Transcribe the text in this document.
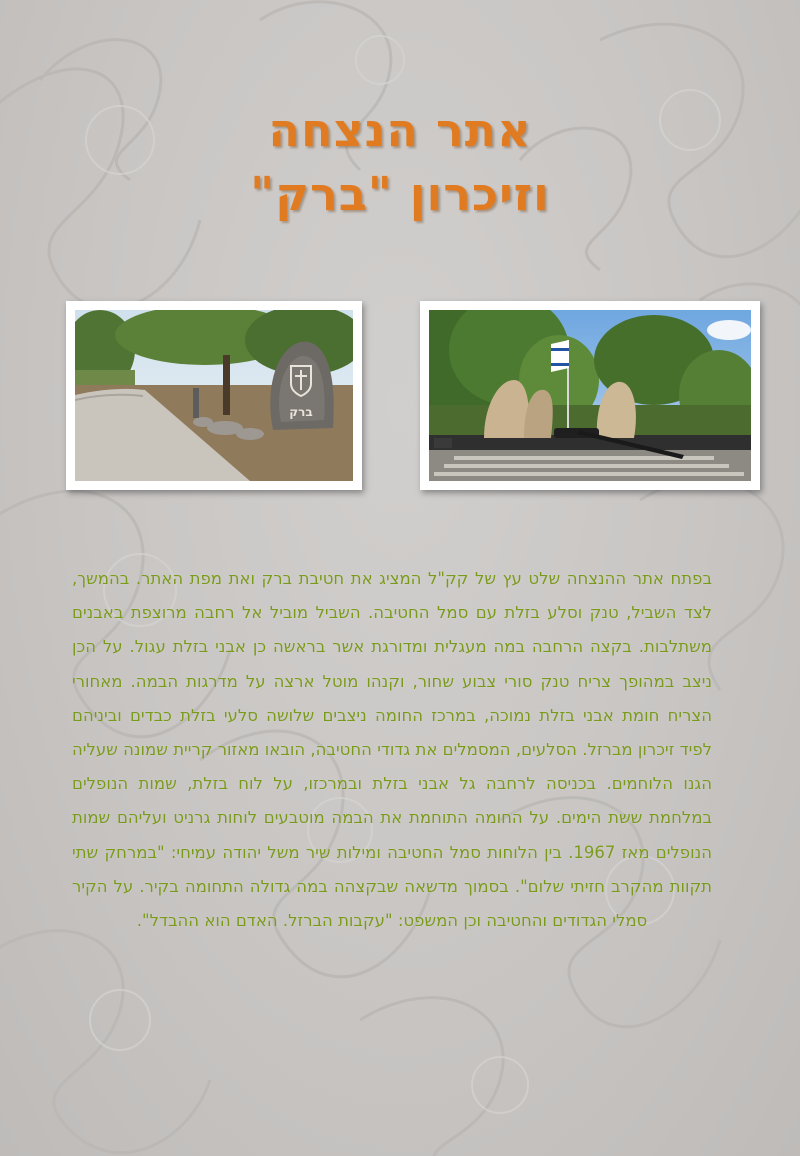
אתר הנצחה
וזיכרון "ברק"
ברק

בפתח אתר ההנצחה שלט עץ של קק"ל המציג את חטיבת ברק ואת מפת האתר. בהמשך, לצד השביל, טנק וסלע בזלת עם סמל החטיבה. השביל מוביל אל רחבה מרוצפת באבנים משתלבות. בקצה הרחבה במה מעגלית ומדורגת אשר בראשה כן אבני בזלת עגול. על הכן ניצב במהופך צריח טנק סורי צבוע שחור, וקנהו מוטל ארצה על מדרגות הבמה. מאחורי הצריח חומת אבני בזלת נמוכה, במרכז החומה ניצבים שלושה סלעי בזלת כבדים וביניהם לפיד זיכרון מברזל. הסלעים, המסמלים את גדודי החטיבה, הובאו מאזור קריית שמונה שעליה הגנו הלוחמים. בכניסה לרחבה גל אבני בזלת ובמרכזו, על לוח בזלת, שמות הנופלים במלחמת ששת הימים. על החומה התוחמת את הבמה מוטבעים לוחות גרניט ועליהם שמות הנופלים מאז 1967. בין הלוחות סמל החטיבה ומילות שיר משל יהודה עמיחי: "במרחק שתי תקוות מהקרב חזיתי שלום". בסמוך מדשאה שבקצהה במה גדולה התחומה בקיר. על הקיר סמלי הגדודים והחטיבה וכן המשפט: "עקבות הברזל. האדם הוא ההבדל".
